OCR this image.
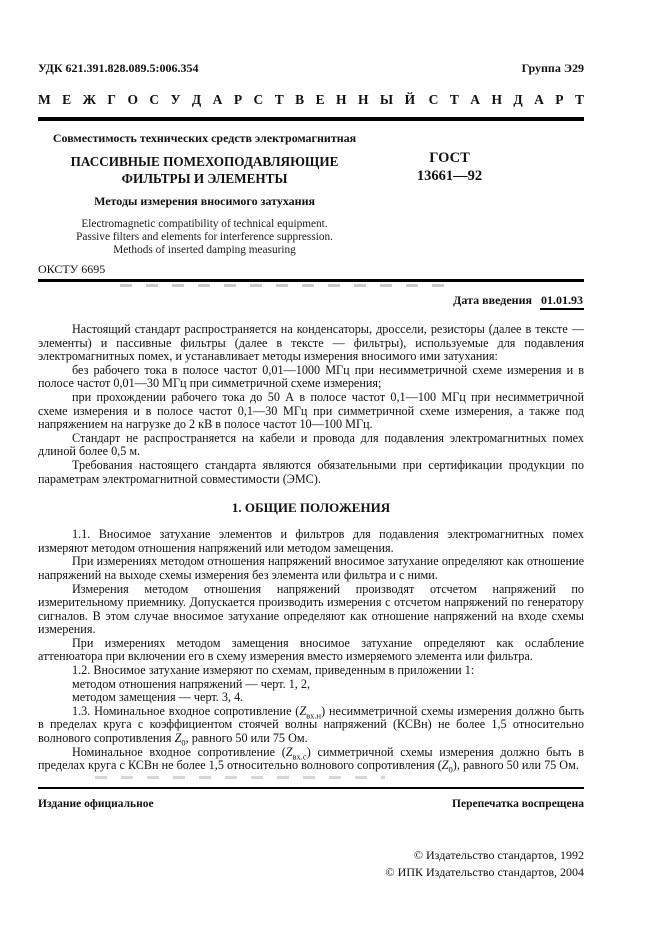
УДК 621.391.828.089.5:006.354	Группа Э29
М Е Ж Г О С У Д А Р С Т В Е Н Н Ы Й  С Т А Н Д А Р Т
Совместимость технических средств электромагнитная
ПАССИВНЫЕ ПОМЕХОПОДАВЛЯЮЩИЕ
ФИЛЬТРЫ И ЭЛЕМЕНТЫ
Методы измерения вносимого затухания
Electromagnetic compatibility of technical equipment.
Passive filters and elements for interference suppression.
Methods of inserted damping measuring
ГОСТ
13661—92
ОКСТУ 6695
Дата введения 01.01.93

Настоящий стандарт распространяется на конденсаторы, дроссели, резисторы (далее в тексте — элементы) и пассивные фильтры (далее в тексте — фильтры), используемые для подавления электромагнитных помех, и устанавливает методы измерения вносимого ими затухания:

без рабочего тока в полосе частот 0,01—1000 МГц при несимметричной схеме измерения и в полосе частот 0,01—30 МГц при симметричной схеме измерения;

при прохождении рабочего тока до 50 А в полосе частот 0,1—100 МГц при несимметричной схеме измерения и в полосе частот 0,1—30 МГц при симметричной схеме измерения, а также под напряжением на нагрузке до 2 кВ в полосе частот 10—100 МГц.

Стандарт не распространяется на кабели и провода для подавления электромагнитных помех длиной более 0,5 м.

Требования настоящего стандарта являются обязательными при сертификации продукции по параметрам электромагнитной совместимости (ЭМС).

1. ОБЩИЕ ПОЛОЖЕНИЯ

1.1. Вносимое затухание элементов и фильтров для подавления электромагнитных помех измеряют методом отношения напряжений или методом замещения.

При измерениях методом отношения напряжений вносимое затухание определяют как отношение напряжений на выходе схемы измерения без элемента или фильтра и с ними.

Измерения методом отношения напряжений производят отсчетом напряжений по измерительному приемнику. Допускается производить измерения с отсчетом напряжений по генератору сигналов. В этом случае вносимое затухание определяют как отношение напряжений на входе схемы измерения.

При измерениях методом замещения вносимое затухание определяют как ослабление аттенюатора при включении его в схему измерения вместо измеряемого элемента или фильтра.

1.2. Вносимое затухание измеряют по схемам, приведенным в приложении 1:

методом отношения напряжений — черт. 1, 2,

методом замещения — черт. 3, 4.

1.3. Номинальное входное сопротивление $(Z_{вх.н})$ несимметричной схемы измерения должно быть в пределах круга с коэффициентом стоячей волны напряжений (КСВн) не более 1,5 относительно волнового сопротивления $Z_0$, равного 50 или 75 Ом.

Номинальное входное сопротивление $(Z_{вх.с})$ симметричной схемы измерения должно быть в пределах круга с КСВн не более 1,5 относительно волнового сопротивления $(Z_0)$, равного 50 или 75 Ом.

Издание официальное	Перепечатка воспрещена
© Издательство стандартов, 1992
© ИПК Издательство стандартов, 2004
